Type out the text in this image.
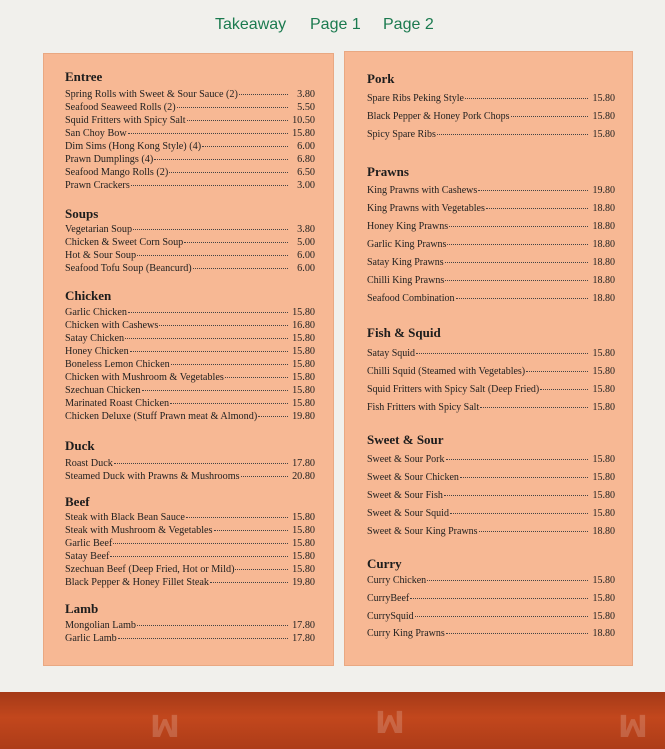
Takeaway Page 1 Page 2
Entree
Spring Rolls with Sweet & Sour Sauce (2)	3.80
Seafood Seaweed Rolls (2)	5.50
Squid Fritters with Spicy Salt	10.50
San Choy Bow	15.80
Dim Sims (Hong Kong Style) (4)	6.00
Prawn Dumplings (4)	6.80
Seafood Mango Rolls (2)	6.50
Prawn Crackers	3.00
Soups
Vegetarian Soup	3.80
Chicken & Sweet Corn Soup	5.00
Hot & Sour Soup	6.00
Seafood Tofu Soup (Beancurd)	6.00
Chicken
Garlic Chicken	15.80
Chicken with Cashews	16.80
Satay Chicken	15.80
Honey Chicken	15.80
Boneless Lemon Chicken	15.80
Chicken with Mushroom & Vegetables	15.80
Szechuan Chicken	15.80
Marinated Roast Chicken	15.80
Chicken Deluxe (Stuff Prawn meat & Almond)	19.80
Duck
Roast Duck	17.80
Steamed Duck with Prawns & Mushrooms	20.80
Beef
Steak with Black Bean Sauce	15.80
Steak with Mushroom & Vegetables	15.80
Garlic Beef	15.80
Satay Beef	15.80
Szechuan Beef (Deep Fried, Hot or Mild)	15.80
Black Pepper & Honey Fillet Steak	19.80
Lamb
Mongolian Lamb	17.80
Garlic Lamb	17.80
Pork
Spare Ribs Peking Style	15.80
Black Pepper & Honey Pork Chops	15.80
Spicy Spare Ribs	15.80
Prawns
King Prawns with Cashews	19.80
King Prawns with Vegetables	18.80
Honey King Prawns	18.80
Garlic King Prawns	18.80
Satay King Prawns	18.80
Chilli King Prawns	18.80
Seafood Combination	18.80
Fish & Squid
Satay Squid	15.80
Chilli Squid (Steamed with Vegetables)	15.80
Squid Fritters with Spicy Salt (Deep Fried)	15.80
Fish Fritters with Spicy Salt	15.80
Sweet & Sour
Sweet & Sour Pork	15.80
Sweet & Sour Chicken	15.80
Sweet & Sour Fish	15.80
Sweet & Sour Squid	15.80
Sweet & Sour King Prawns	18.80
Curry
Curry Chicken	15.80
CurryBeef	15.80
CurrySquid	15.80
Curry King Prawns	18.80
ꟽ	ꟽ	ꟽ
